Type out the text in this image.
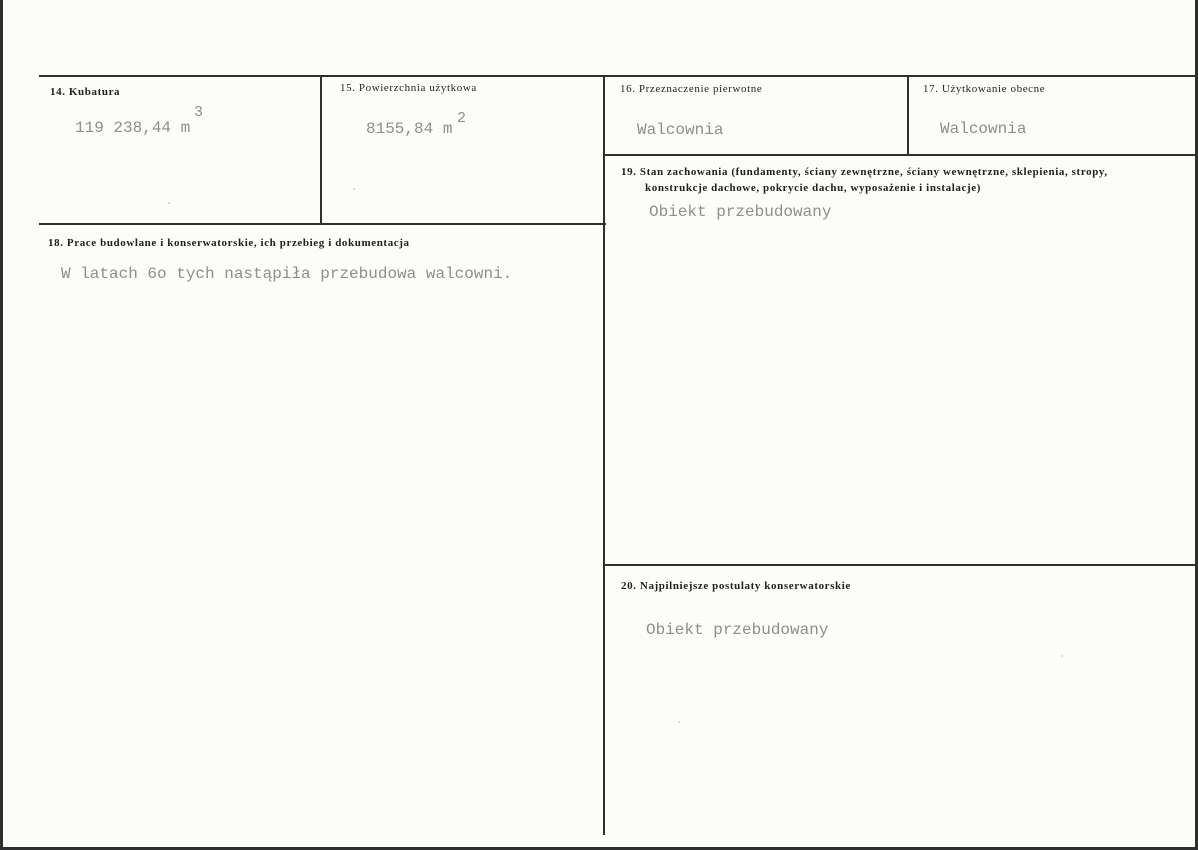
14. Kubatura
119 238,44 m
3
15. Powierzchnia użytkowa
8155,84 m
2
16. Przeznaczenie pierwotne
Walcownia
17. Użytkowanie obecne
Walcownia
18. Prace budowlane i konserwatorskie, ich przebieg i dokumentacja
W latach 6o tych nastąpiła przebudowa walcowni.
19. Stan zachowania (fundamenty, ściany zewnętrzne, ściany wewnętrzne, sklepienia, stropy,
konstrukcje dachowe, pokrycie dachu, wyposażenie i instalacje)
Obiekt przebudowany
20. Najpilniejsze postulaty konserwatorskie
Obiekt przebudowany
